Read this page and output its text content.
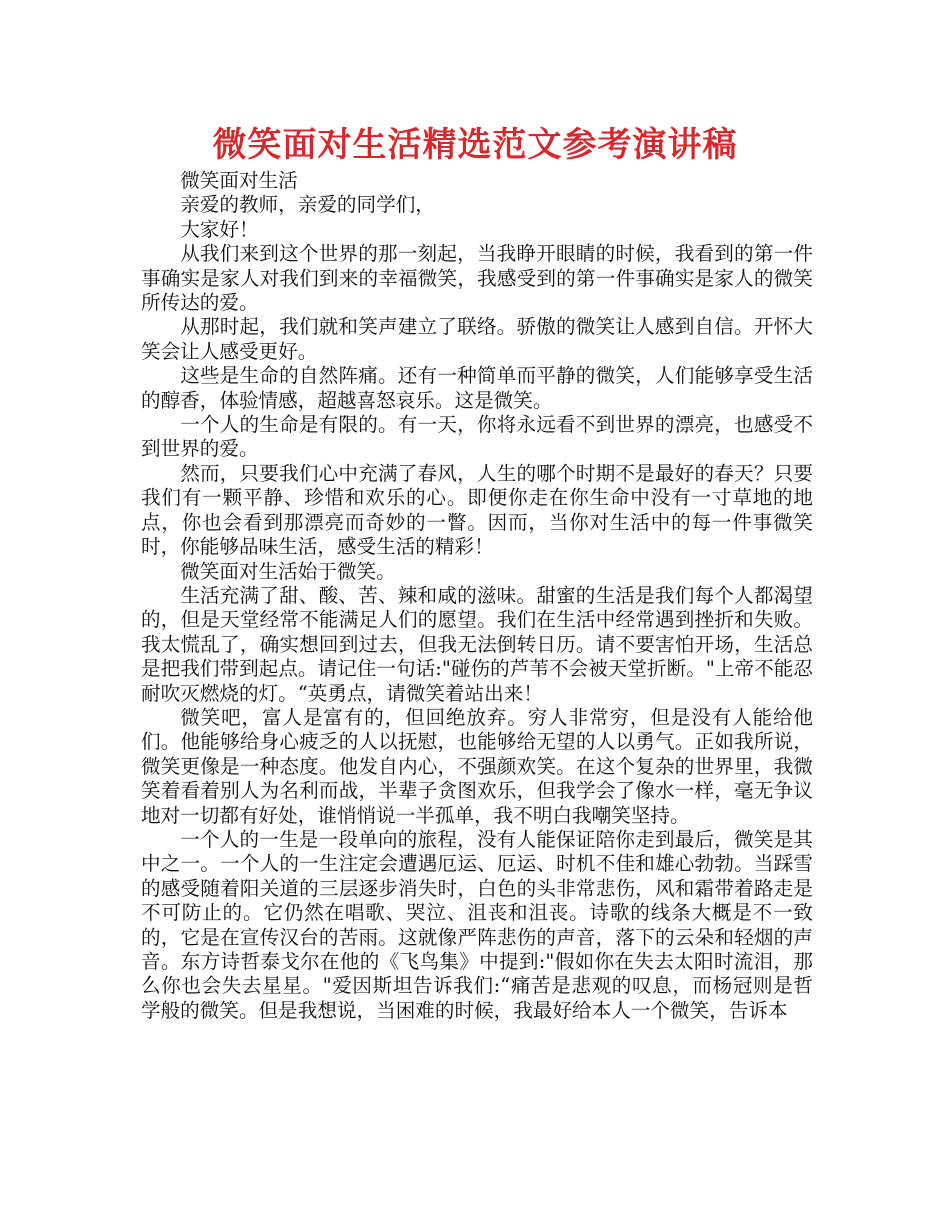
微笑面对生活精选范文参考演讲稿

微笑面对生活

亲爱的教师，亲爱的同学们，

大家好！

从我们来到这个世界的那一刻起，当我睁开眼睛的时候，我看到的第一件事确实是家人对我们到来的幸福微笑，我感受到的第一件事确实是家人的微笑所传达的爱。

从那时起，我们就和笑声建立了联络。骄傲的微笑让人感到自信。开怀大笑会让人感受更好。

这些是生命的自然阵痛。还有一种简单而平静的微笑，人们能够享受生活的醇香，体验情感，超越喜怒哀乐。这是微笑。

一个人的生命是有限的。有一天，你将永远看不到世界的漂亮，也感受不到世界的爱。

然而，只要我们心中充满了春风，人生的哪个时期不是最好的春天？只要我们有一颗平静、珍惜和欢乐的心。即便你走在你生命中没有一寸草地的地点，你也会看到那漂亮而奇妙的一瞥。因而，当你对生活中的每一件事微笑时，你能够品味生活，感受生活的精彩！

微笑面对生活始于微笑。

生活充满了甜、酸、苦、辣和咸的滋味。甜蜜的生活是我们每个人都渴望的，但是天堂经常不能满足人们的愿望。我们在生活中经常遇到挫折和失败。我太慌乱了，确实想回到过去，但我无法倒转日历。请不要害怕开场，生活总是把我们带到起点。请记住一句话:"碰伤的芦苇不会被天堂折断。"上帝不能忍耐吹灭燃烧的灯。“英勇点，请微笑着站出来！

微笑吧，富人是富有的，但回绝放弃。穷人非常穷，但是没有人能给他们。他能够给身心疲乏的人以抚慰，也能够给无望的人以勇气。正如我所说，微笑更像是一种态度。他发自内心，不强颜欢笑。在这个复杂的世界里，我微笑着看着别人为名利而战，半辈子贪图欢乐，但我学会了像水一样，毫无争议地对一切都有好处，谁悄悄说一半孤单，我不明白我嘲笑坚持。

一个人的一生是一段单向的旅程，没有人能保证陪你走到最后，微笑是其中之一。一个人的一生注定会遭遇厄运、厄运、时机不佳和雄心勃勃。当踩雪的感受随着阳关道的三层逐步消失时，白色的头非常悲伤，风和霜带着路走是不可防止的。它仍然在唱歌、哭泣、沮丧和沮丧。诗歌的线条大概是不一致的，它是在宣传汉台的苦雨。这就像严阵悲伤的声音，落下的云朵和轻烟的声音。东方诗哲泰戈尔在他的《飞鸟集》中提到:"假如你在失去太阳时流泪，那么你也会失去星星。"爱因斯坦告诉我们:“痛苦是悲观的叹息，而杨冠则是哲学般的微笑。但是我想说，当困难的时候，我最好给本人一个微笑，告诉本
